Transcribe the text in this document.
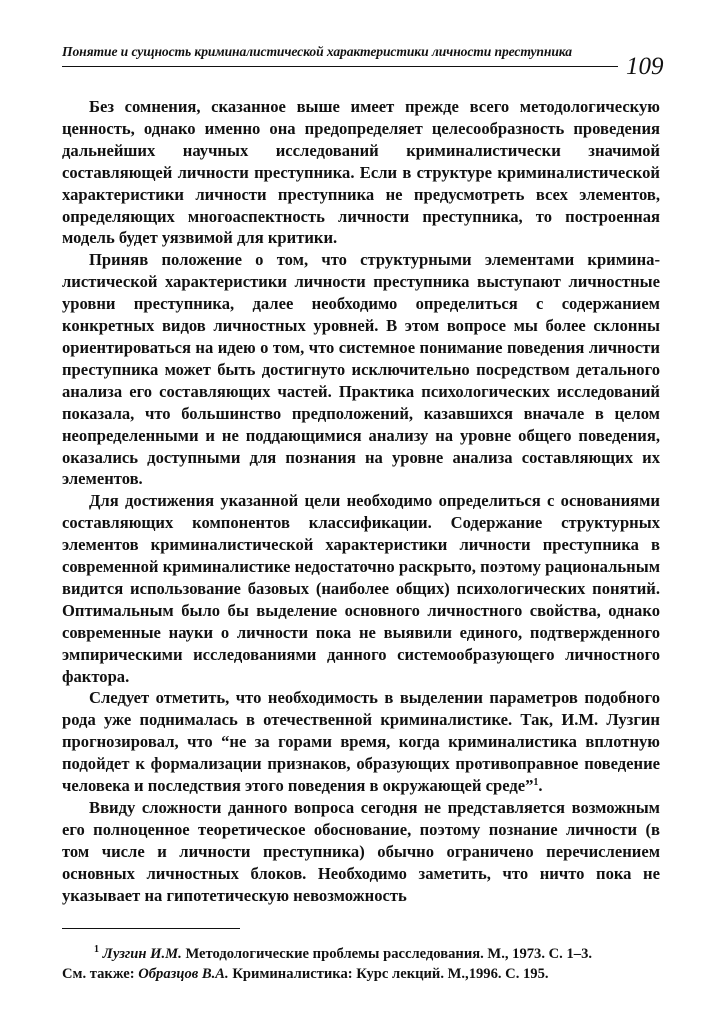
Понятие и сущность криминалистической характеристики личности преступника
109

Без сомнения, сказанное выше имеет прежде всего методологическую ценность, однако именно она предопределяет целесообразность проведения дальнейших научных исследований криминалистически значимой составляющей личности преступника. Если в структуре криминалистической характеристики личности преступника не предусмотреть всех элементов, определяющих многоаспектность личности преступника, то построенная модель будет уязвимой для критики.

Приняв положение о том, что структурными элементами криминалистической характеристики личности преступника выступают личностные уровни преступника, далее необходимо определиться с содержанием конкретных видов личностных уровней. В этом вопросе мы более склонны ориентироваться на идею о том, что системное понимание поведения личности преступника может быть достигнуто исключительно посредством детального анализа его составляющих частей. Практика психологических исследований показала, что большинство предположений, казавшихся вначале в целом неопределенными и не поддающимися анализу на уровне общего поведения, оказались доступными для познания на уровне анализа составляющих их элементов.

Для достижения указанной цели необходимо определиться с основаниями составляющих компонентов классификации. Содержание структурных элементов криминалистической характеристики личности преступника в современной криминалистике недостаточно раскрыто, поэтому рациональным видится использование базовых (наиболее общих) психологических понятий. Оптимальным было бы выделение основного личностного свойства, однако современные науки о личности пока не выявили единого, подтвержденного эмпирическими исследованиями данного системообразующего личностного фактора.

Следует отметить, что необходимость в выделении параметров подобного рода уже поднималась в отечественной криминалистике. Так, И.М. Лузгин прогнозировал, что “не за горами время, когда криминалистика вплотную подойдет к формализации признаков, образующих противоправное поведение человека и последствия этого поведения в окружающей среде”$^1$.

Ввиду сложности данного вопроса сегодня не представляется возможным его полноценное теоретическое обоснование, поэтому познание личности (в том числе и личности преступника) обычно ограничено перечислением основных личностных блоков. Необходимо заметить, что ничто пока не указывает на гипотетическую невозможность

$^1$ Лузгин И.М. Методологические проблемы расследования. М., 1973. С. 1–3.
См. также: Образцов В.А. Криминалистика: Курс лекций. М.,1996. С. 195.
